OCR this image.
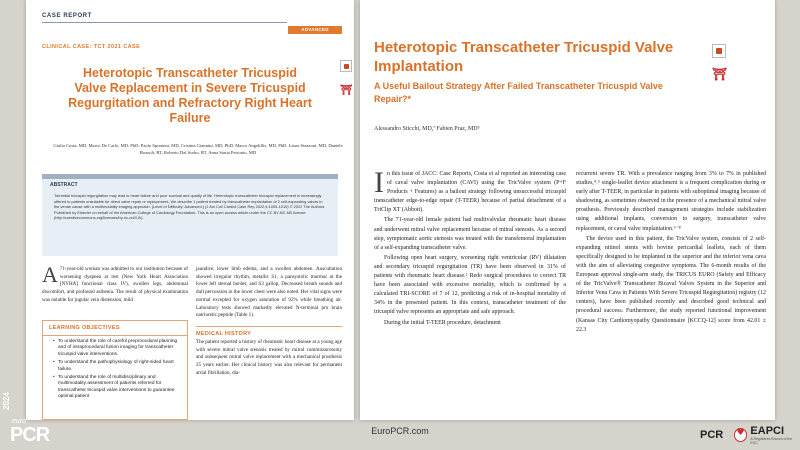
CASE REPORT
ADVANCED
CLINICAL CASE: TCT 2021 CASE
Heterotopic Transcatheter Tricuspid Valve Replacement in Severe Tricuspid Regurgitation and Refractory Right Heart Failure
⛩
Giulia Costa, MD, Marco De Carlo, MD, PhD, Paolo Spontoni, MD, Cristina Giannini, MD, PhD, Marco Angelillis, MD, PhD, Laura Stazzoni, MD, Daniele Bozzoli, RT, Roberto Dal Sorbo, RT, Anna Sonia Petronio, MD
ABSTRACT
Torrential tricuspid regurgitation may lead to heart failure and poor survival and quality of life. Heterotopic transcatheter tricuspid replacement is increasingly offered to patients unsuitable for direct valve repair or replacement. We describe 1 patient treated by transcatheter implantation of 2 self-expanding valves in the venae cavae with a multimodality imaging approach. (Level of Difficulty: Advanced.) (J Am Coll Cardiol Case Rep 2022;4:1005-1010) © 2022 The Authors. Published by Elsevier on behalf of the American College of Cardiology Foundation. This is an open access article under the CC BY-NC-ND license (http://creativecommons.org/licenses/by-nc-nd/4.0/).
A 71-year-old woman was admitted to our institution because of worsening dyspnea at rest (New York Heart Association [NYHA] functional class IV), swollen legs, abdominal discomfort, and profound asthenia. The result of physical examination was notable for jugular vein distension, mild
LEARNING OBJECTIVES
• To understand the role of careful preprocedural planning and of intraprocedural fusion imaging for transcatheter tricuspid valve interventions.
• To understand the pathophysiology of right-sided heart failure.
• To understand the role of multidisciplinary and multimodality assessment of patients referred for transcatheter tricuspid valve interventions to guarantee optimal patient
jaundice, lower limb edema, and a swollen abdomen. Auscultation showed irregular rhythm, metallic S1, a pansystolic murmur at the lower left sternal border, and S3 gallop. Decreased breath sounds and dull percussion in the lower chest were also noted. Her vital signs were normal excepted for oxygen saturation of 92% while breathing air. Laboratory tests showed markedly elevated N-terminal pro brain natriuretic peptide (Table 1).
MEDICAL HISTORY
The patient reported a history of rheumatic heart disease at a young age with severe mitral valve stenosis treated by mitral commissurotomy and subsequent mitral valve replacement with a mechanical prosthesis 25 years earlier. Her clinical history was also relevant for permanent atrial fibrillation, dia-
Heterotopic Transcatheter Tricuspid Valve Implantation
A Useful Bailout Strategy After Failed Transcatheter Tricuspid Valve Repair?*
⛩
Alessandro Sticchi, MD,ª Fabien Praz, MDᵇ

In this issue of JACC: Case Reports, Costa et al reported an interesting case of caval valve implantation (CAVI) using the TricValve system (P+F Products + Features) as a bailout strategy following unsuccessful tricuspid transcatheter edge-to-edge repair (T-TEER) because of partial detachment of a TriClip XT (Abbott).

The 71-year-old female patient had multivalvular rheumatic heart disease and underwent mitral valve replacement because of mitral stenosis. As a second step, symptomatic aortic stenosis was treated with the transfemoral implantation of a self-expanding transcatheter valve.

Following open heart surgery, worsening right ventricular (RV) dilatation and secondary tricuspid regurgitation (TR) have been observed in 31% of patients with rheumatic heart disease.² Redo surgical procedures to correct TR have been associated with excessive mortality, which is confirmed by a calculated TRI-SCORE of 7 of 12, predicting a risk of in-hospital mortality of 34% in the presented patient. In this context, transcatheter treatment of the tricuspid valve represents an appropriate and safe approach.

During the initial T-TEER procedure, detachment

recurrent severe TR. With a prevalence ranging from 3% to 7% in published studies,⁴˒⁵ single-leaflet device attachment is a frequent complication during or early after T-TEER, in particular in patients with suboptimal imaging because of shadowing, as sometimes observed in the presence of a mechanical mitral valve prosthesis. Previously described management strategies include stabilization using additional implants, conversion to surgery, transcatheter valve replacement, or caval valve implantation.⁶⁻⁸

The device used in this patient, the TricValve system, consists of 2 self-expanding nitinol stents with bovine pericardial leaflets, each of them specifically designed to be implanted in the superior and the inferior vena cava with the aim of alleviating congestive symptoms. The 6-month results of the European approval single-arm study, the TRICUS EURO (Safety and Efficacy of the TricValve® Transcatheter Bicaval Valves System in the Superior and Inferior Vena Cava in Patients With Severe Tricuspid Regurgitation) registry (12 centers), have been published recently and described good technical and procedural success. Furthermore, the study reported functional improvement (Kansas City Cardiomyopathy Questionnaire [KCCQ-12] score from 42.01 ± 22.3

2024
euro
PCR	EuroPCR.com	PCR
♥ EAPCI
A Registered Branch of the ESC
